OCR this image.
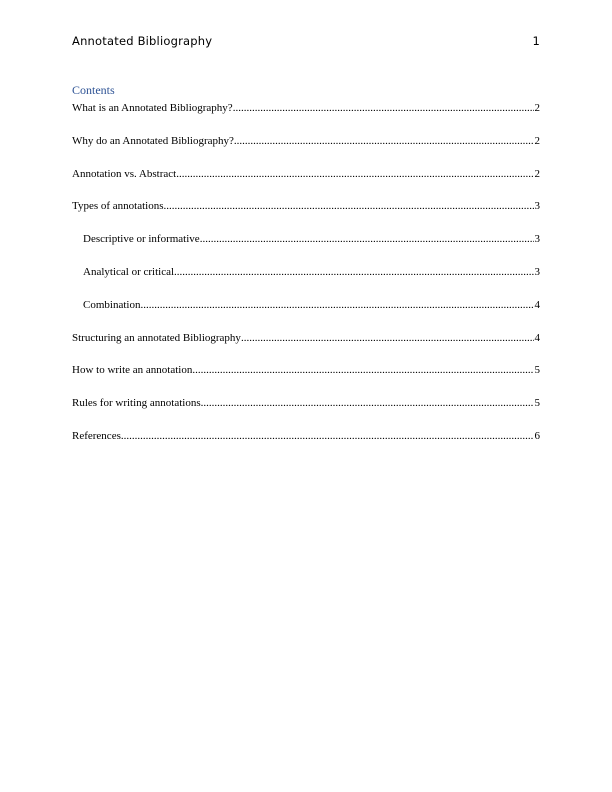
Annotated Bibliography	1
Contents
What is an Annotated Bibliography? .....	2
Why do an Annotated Bibliography? .....	2
Annotation vs. Abstract .....	2
Types of annotations .....	3
Descriptive or informative .....	3
Analytical or critical .....	3
Combination .....	4
Structuring an annotated Bibliography .....	4
How to write an annotation .....	5
Rules for writing annotations .....	5
References .....	6
